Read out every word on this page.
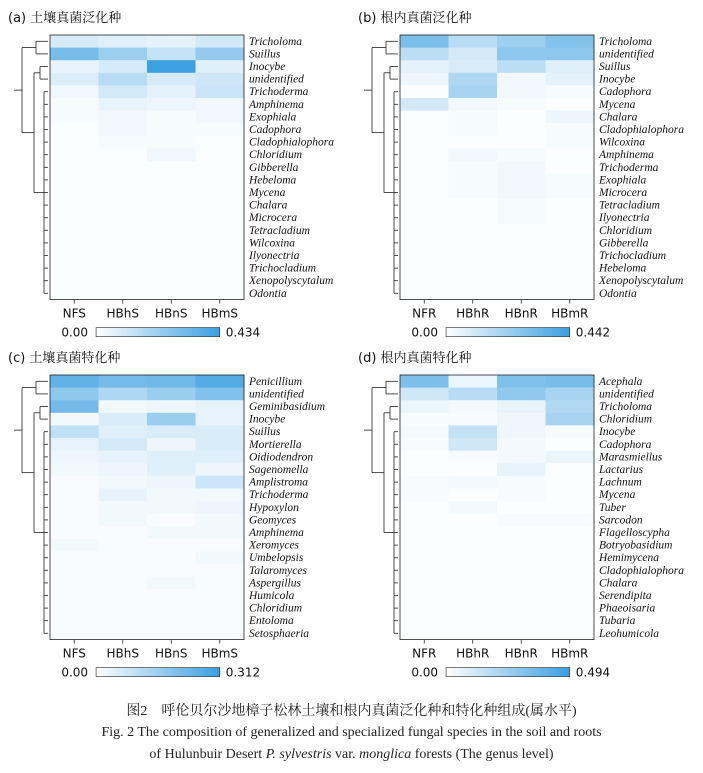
(a) 土壤真菌泛化种
Tricholoma
Suillus
Inocybe
unidentified
Trichoderma
Amphinema
Exophiala
Cadophora
Cladophialophora
Chloridium
Gibberella
Hebeloma
Mycena
Chalara
Microcera
Tetracladium
Wilcoxina
Ilyonectria
Trichocladium
Xenopolyscytalum
Odontia
NFS HBhS HBnS HBmS
0.00	0.434
(b) 根内真菌泛化种
Tricholoma
unidentified
Suillus
Inocybe
Cadophora
Mycena
Chalara
Cladophialophora
Wilcoxina
Amphinema
Trichoderma
Exophiala
Microcera
Tetracladium
Ilyonectria
Chloridium
Gibberella
Trichocladium
Hebeloma
Xenopolyscytalum
Odontia
NFR HBhR HBnR HBmR
0.00	0.442
(c) 土壤真菌特化种
Penicillium
unidentified
Geminibasidium
Inocybe
Suillus
Mortierella
Oidiodendron
Sagenomella
Amplistroma
Trichoderma
Hypoxylon
Geomyces
Amphinema
Xeromyces
Umbelopsis
Talaromyces
Aspergillus
Humicola
Chloridium
Entoloma
Setosphaeria
NFS HBhS HBnS HBmS
0.00	0.312
(d) 根内真菌特化种
Acephala
unidentified
Tricholoma
Chloridium
Inocybe
Cadophora
Marasmiellus
Lactarius
Lachnum
Mycena
Tuber
Sarcodon
Flagelloscypha
Botryobasidium
Hemimycena
Cladophialophora
Chalara
Serendipita
Phaeoisaria
Tubaria
Leohumicola
NFR HBhR HBnR HBmR
0.00	0.494
图2　呼伦贝尔沙地樟子松林土壤和根内真菌泛化种和特化种组成(属水平)
Fig. 2 The composition of generalized and specialized fungal species in the soil and roots
of Hulunbuir Desert P. sylvestris var. monglica forests (The genus level)
